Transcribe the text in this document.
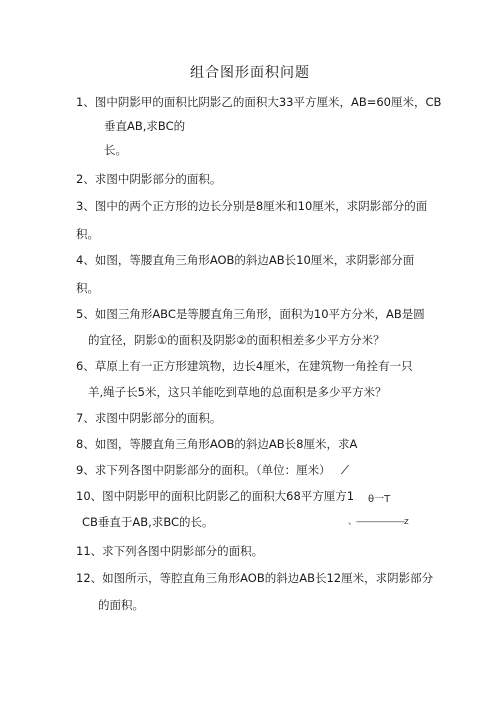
组合图形面积问题
1、图中阴影甲的面积比阴影乙的面积大33平方厘米，AB=60厘米，CB
垂直AB,求BC的
长。
2、求图中阴影部分的面积。
3、图中的两个正方形的边长分别是8厘米和10厘米，求阴影部分的面
积。
4、如图，等腰直角三角形AOB的斜边AB长10厘米，求阴影部分面
积。
5、如图三角形ABC是等腰直角三角形，面积为10平方分米，AB是圆
的宜径，阴影①的面积及阴影②的面积相差多少平方分米？
6、草原上有一正方形建筑物，边长4厘米，在建筑物一角拴有一只
羊,绳子长5米，这只羊能吃到草地的总面积是多少平方米？
7、求图中阴影部分的面积。
8、如图，等腰直角三角形AOB的斜边AB长8厘米，求A
9、求下列各图中阴影部分的面积。（单位：厘米） ⁄
10、图中阴影甲的面积比阴影乙的面积大68平方厘方1 θ一T
CB垂直于AB,求BC的长。	、——————z
11、求下列各图中阴影部分的面积。
12、如图所示，等腔直角三角形AOB的斜边AB长12厘米，求阴影部分
的面积。
